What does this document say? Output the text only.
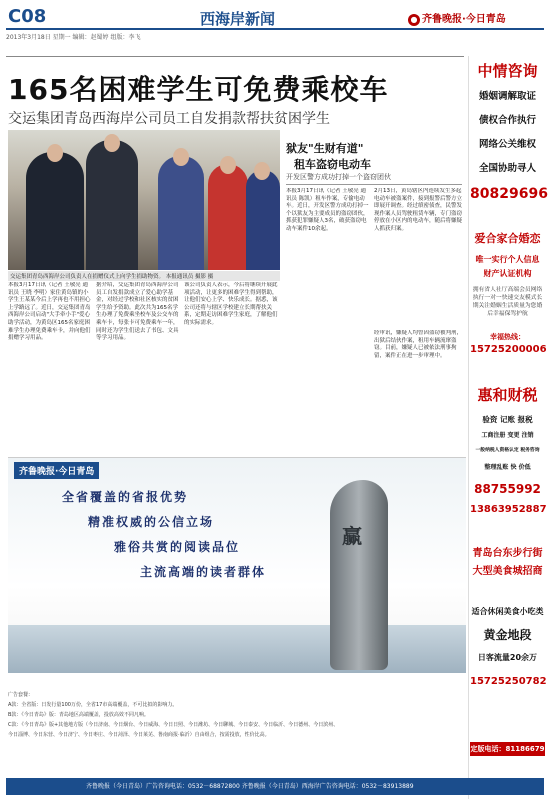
C08	西海岸新闻	● 齐鲁晚报·今日青岛
2013年3月18日 星期一 编辑：赵蜀婷 组版：李飞
165名困难学生可免费乘校车
交运集团青岛西海岸公司员工自发捐款帮扶贫困学生
交运集团青岛西海岸公司负责人在捐赠仪式上向学生捐助物资。 本报通讯员 摄影 摄
狱友"生财有道"
租车盗窃电动车
开发区警方成功打掉一个盗窃团伙
本报3月17日讯（记者 王敬亮 通讯员 王晓 李明）家住黄岛镇的小学生王某某今后上学再也不用担心上学路远了。近日，交运集团青岛西海岸公司启动"大手牵小手"爱心助学活动，为黄岛区165名家庭困难学生办理免费乘车卡，并向他们捐赠学习用品。
据介绍，交运集团青岛西海岸公司员工自发捐款成立了爱心助学基金，对经过学校和社区核实的贫困学生给予资助。此次共为165名学生办理了免费乘坐校车及公交车的乘车卡，每张卡可免费乘车一年，同时还为学生们送去了书包、文具等学习用品。
该公司负责人表示，今后将继续开展此项活动，让更多的困难学生得到帮助，让他们安心上学、快乐成长。据悉，该公司还将与辖区学校建立长期帮扶关系，定期走访困难学生家庭，了解他们的实际需求。
本报3月17日讯（记者 王敬亮 通讯员 陈凯）租车作案，专偷电动车。近日，开发区警方成功打掉一个以狱友为主要成员的盗窃团伙，抓获犯罪嫌疑人3名，破获盗窃电动车案件10余起。
2月13日，黄岛辖区内连续发生多起电动车被盗案件，接到报警后警方立即展开调查。经过缜密侦查，民警发现作案人员驾驶租赁车辆，专门盗窃停放在小区内的电动车，随后将嫌疑人抓获归案。
经审讯，嫌疑人均曾因盗窃被判刑，出狱后结伙作案，租用车辆流窜盗窃。目前，嫌疑人已被依法刑事拘留，案件正在进一步审理中。
全省覆盖的省报优势
精准权威的公信立场
雅俗共赏的阅读品位
主流高端的读者群体
齐鲁晚报·今日青岛
赢
广告套餐：
A款：全省版：日发行量100万份，全省17市高端覆盖，不可比拟的影响力。
B款：《今日青岛》版：青岛地区高端覆盖，投放高效不同凡响。
C款：《今日青岛》版+其他地方版（今日济南、今日烟台、今日威海、今日日照、今日潍坊、今日聊城、今日泰安、今日临沂、今日德州、今日滨州、
今日淄博、今日东营、今日济宁、今日枣庄、今日菏泽、今日莱芜、鲁南商报·临沂）自由组合，按需投放，性价比高。
中情咨询
婚姻调解取证
债权合作执行
网络公关维权
全国协助寻人
80829696
爱合家合婚恋
唯一实行个人信息
财产认证机构
拥有省人社厅高端会员网络执行一对一快速交友模式长期关注婚姻生活质量为您婚后幸福保驾护航
幸福热线：
15725200006
惠和财税
验资 记账 报税
工商注册 变更 注销
一般纳税人资格认定 税务咨询
整理乱账 快 价低
88755992
13863952887
青岛台东步行街
大型美食城招商
适合休闲美食小吃类
黄金地段
日客流量20余万
15725250782
定版电话：81186679
齐鲁晚报（今日青岛）广告咨询电话：0532－68872800 齐鲁晚报（今日青岛）西海岸广告咨询电话：0532－83913889
